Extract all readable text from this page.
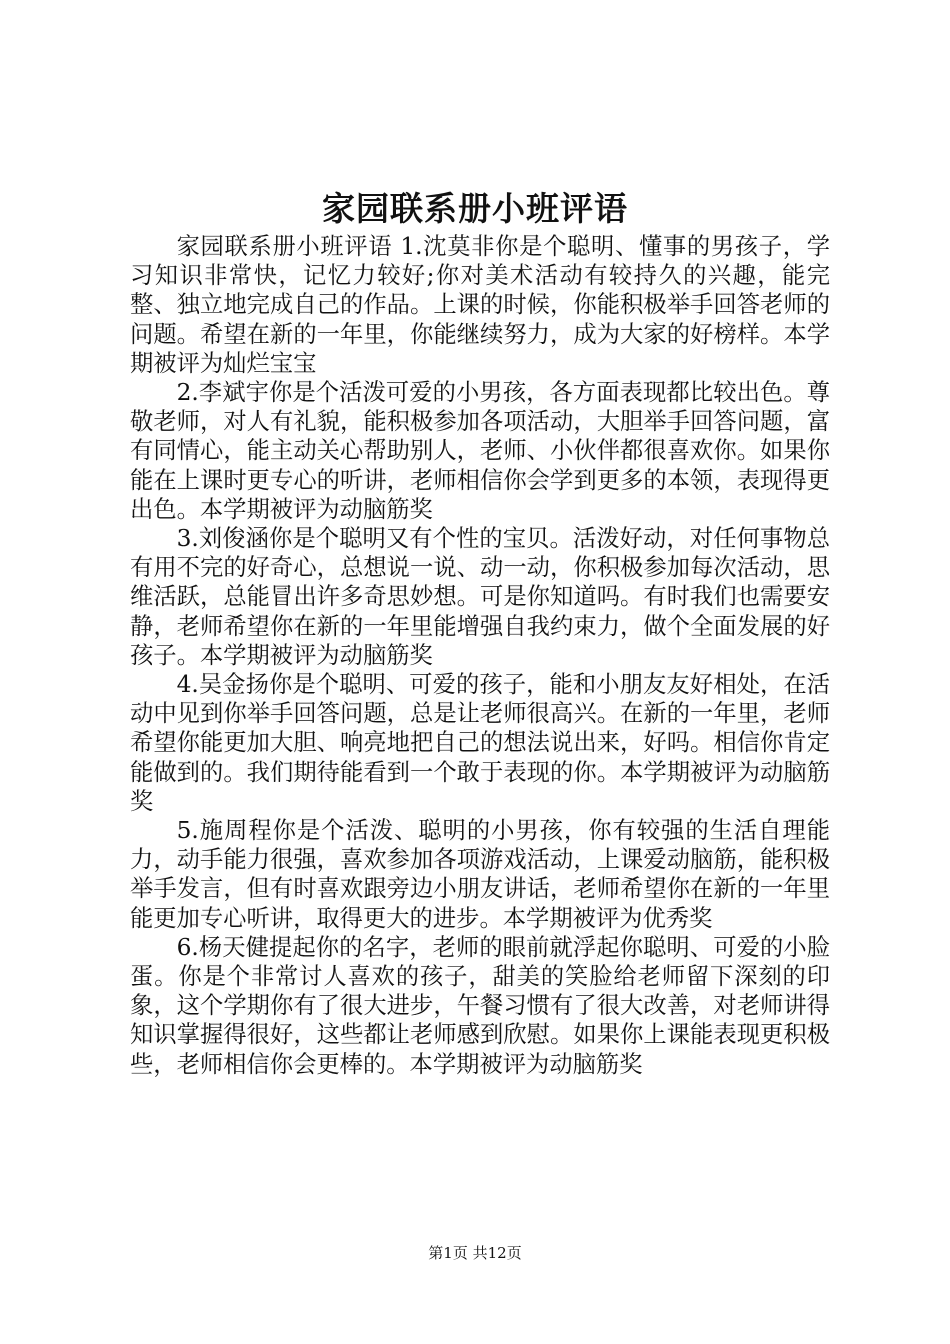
家园联系册小班评语

家园联系册小班评语 1.沈莫非你是个聪明、懂事的男孩子，学习知识非常快，记忆力较好;你对美术活动有较持久的兴趣，能完整、独立地完成自己的作品。上课的时候，你能积极举手回答老师的问题。希望在新的一年里，你能继续努力，成为大家的好榜样。本学期被评为灿烂宝宝

2.李斌宇你是个活泼可爱的小男孩，各方面表现都比较出色。尊敬老师，对人有礼貌，能积极参加各项活动，大胆举手回答问题，富有同情心，能主动关心帮助别人，老师、小伙伴都很喜欢你。如果你能在上课时更专心的听讲，老师相信你会学到更多的本领，表现得更出色。本学期被评为动脑筋奖

3.刘俊涵你是个聪明又有个性的宝贝。活泼好动，对任何事物总有用不完的好奇心，总想说一说、动一动，你积极参加每次活动，思维活跃，总能冒出许多奇思妙想。可是你知道吗。有时我们也需要安静，老师希望你在新的一年里能增强自我约束力，做个全面发展的好孩子。本学期被评为动脑筋奖

4.吴金扬你是个聪明、可爱的孩子，能和小朋友友好相处，在活动中见到你举手回答问题，总是让老师很高兴。在新的一年里，老师希望你能更加大胆、响亮地把自己的想法说出来，好吗。相信你肯定能做到的。我们期待能看到一个敢于表现的你。本学期被评为动脑筋奖

5.施周程你是个活泼、聪明的小男孩，你有较强的生活自理能力，动手能力很强，喜欢参加各项游戏活动，上课爱动脑筋，能积极举手发言，但有时喜欢跟旁边小朋友讲话，老师希望你在新的一年里能更加专心听讲，取得更大的进步。本学期被评为优秀奖

6.杨天健提起你的名字，老师的眼前就浮起你聪明、可爱的小脸蛋。你是个非常讨人喜欢的孩子，甜美的笑脸给老师留下深刻的印象，这个学期你有了很大进步，午餐习惯有了很大改善，对老师讲得知识掌握得很好，这些都让老师感到欣慰。如果你上课能表现更积极些，老师相信你会更棒的。本学期被评为动脑筋奖

第1页 共12页
